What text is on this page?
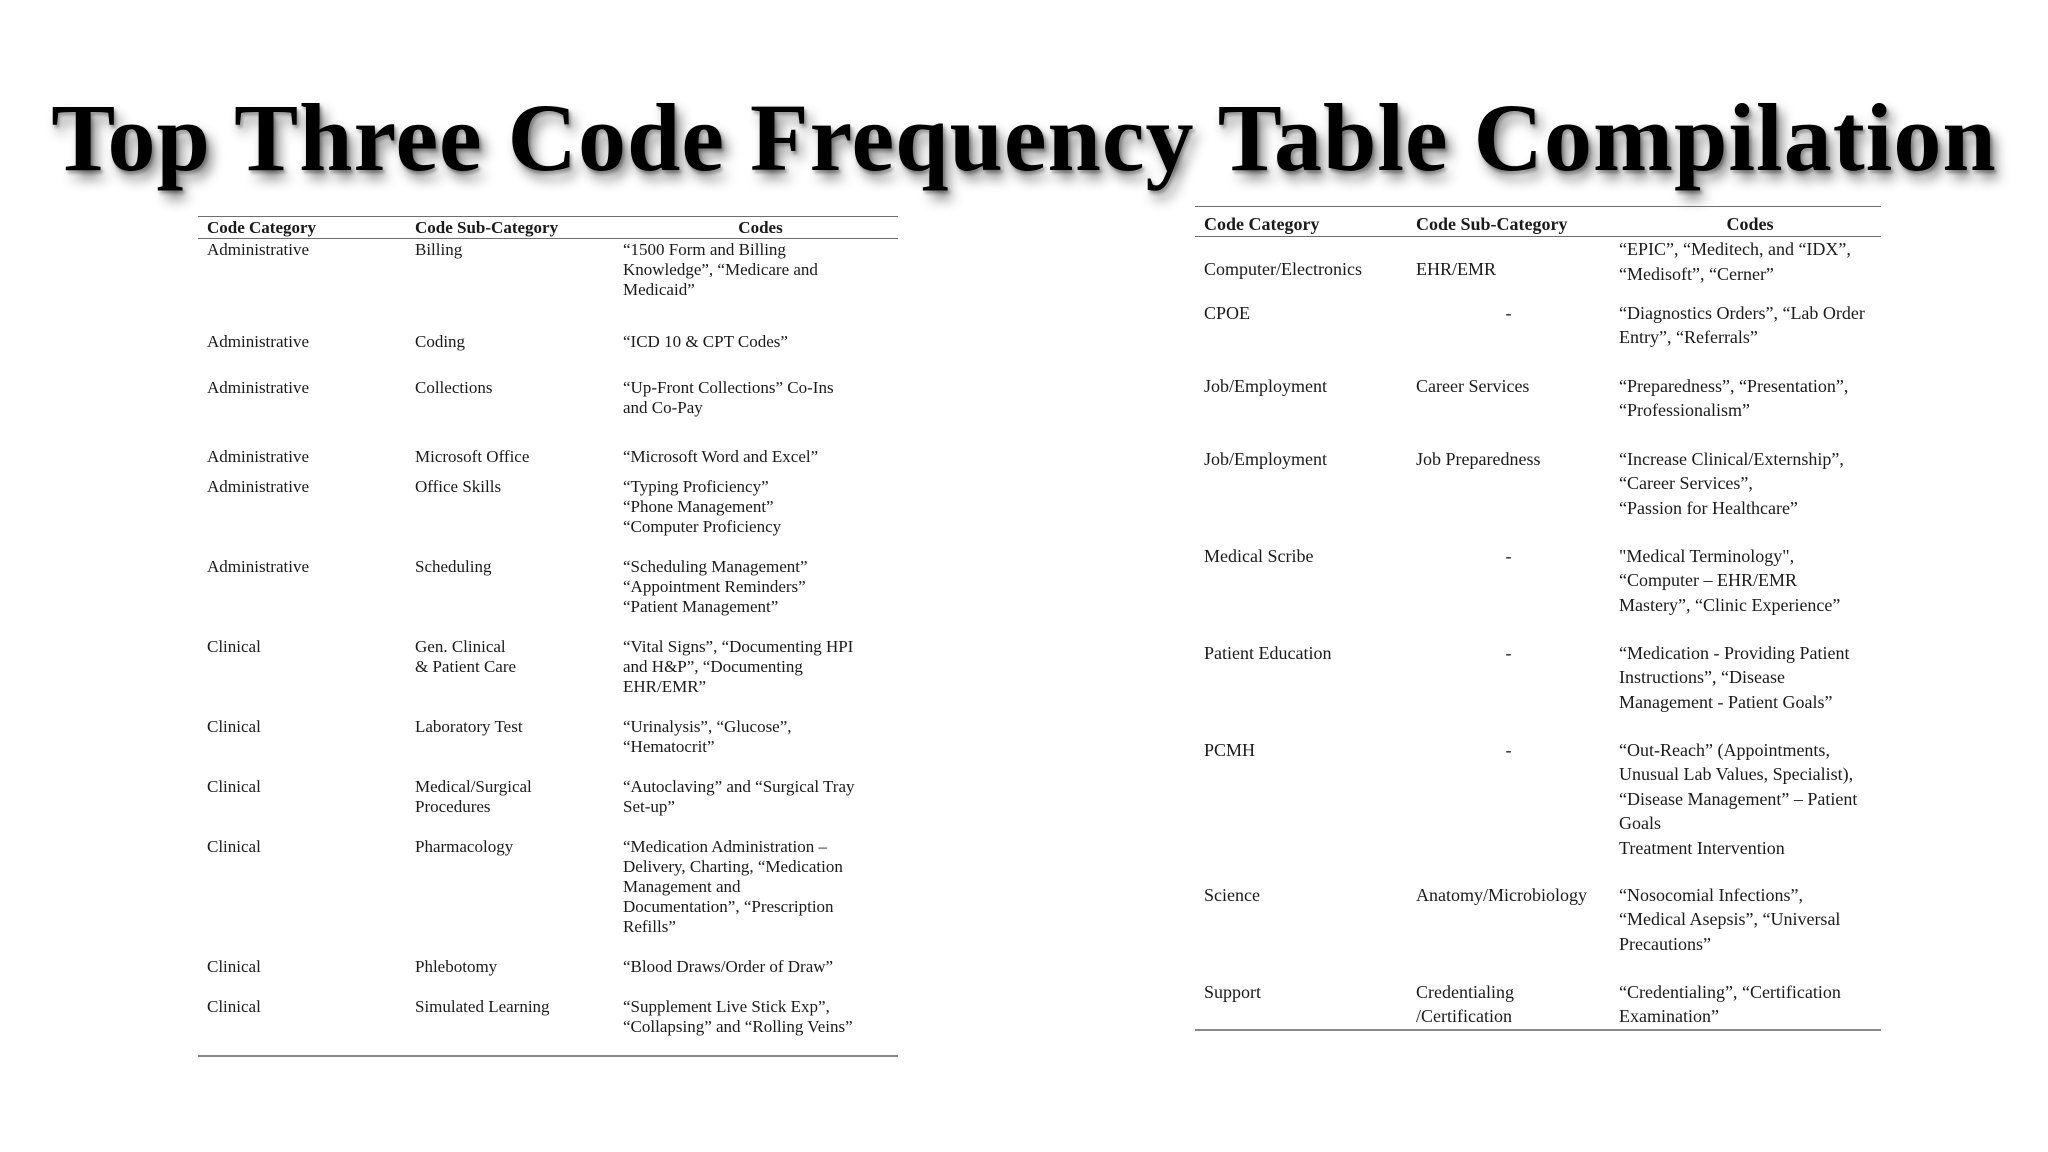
Top Three Code Frequency Table Compilation
Code Category	Code Sub-Category	Codes
Administrative	Billing	“1500 Form and Billing
Knowledge”, “Medicare and
Medicaid”

Administrative	Coding	“ICD 10 & CPT Codes”

Administrative	Collections	“Up-Front Collections” Co-Ins
and Co-Pay

Administrative	Microsoft Office	“Microsoft Word and Excel”

Administrative	Office Skills	“Typing Proficiency”
“Phone Management”
“Computer Proficiency

Administrative	Scheduling	“Scheduling Management”
“Appointment Reminders”
“Patient Management”

Clinical	Gen. Clinical
& Patient Care	“Vital Signs”, “Documenting HPI
and H&P”, “Documenting
EHR/EMR”

Clinical	Laboratory Test	“Urinalysis”, “Glucose”,
“Hematocrit”

Clinical	Medical/Surgical
Procedures	“Autoclaving” and “Surgical Tray
Set-up”

Clinical	Pharmacology	“Medication Administration –
Delivery, Charting, “Medication
Management and
Documentation”, “Prescription
Refills”

Clinical	Phlebotomy	“Blood Draws/Order of Draw”

Clinical	Simulated Learning	“Supplement Live Stick Exp”,
“Collapsing” and “Rolling Veins”
Code Category	Code Sub-Category	Codes
Computer/Electronics	EHR/EMR	“EPIC”, “Meditech, and “IDX”,
“Medisoft”, “Cerner”

CPOE	-	“Diagnostics Orders”, “Lab Order
Entry”, “Referrals”

Job/Employment	Career Services	“Preparedness”, “Presentation”,
“Professionalism”

Job/Employment	Job Preparedness	“Increase Clinical/Externship”,
“Career Services”,
“Passion for Healthcare”

Medical Scribe	-	"Medical Terminology",
“Computer – EHR/EMR
Mastery”, “Clinic Experience”

Patient Education	-	“Medication - Providing Patient
Instructions”, “Disease
Management - Patient Goals”

PCMH	-	“Out-Reach” (Appointments,
Unusual Lab Values, Specialist),
“Disease Management” – Patient
Goals
Treatment Intervention

Science	Anatomy/Microbiology	“Nosocomial Infections”,
“Medical Asepsis”, “Universal
Precautions”

Support	Credentialing
/Certification	“Credentialing”, “Certification
Examination”
